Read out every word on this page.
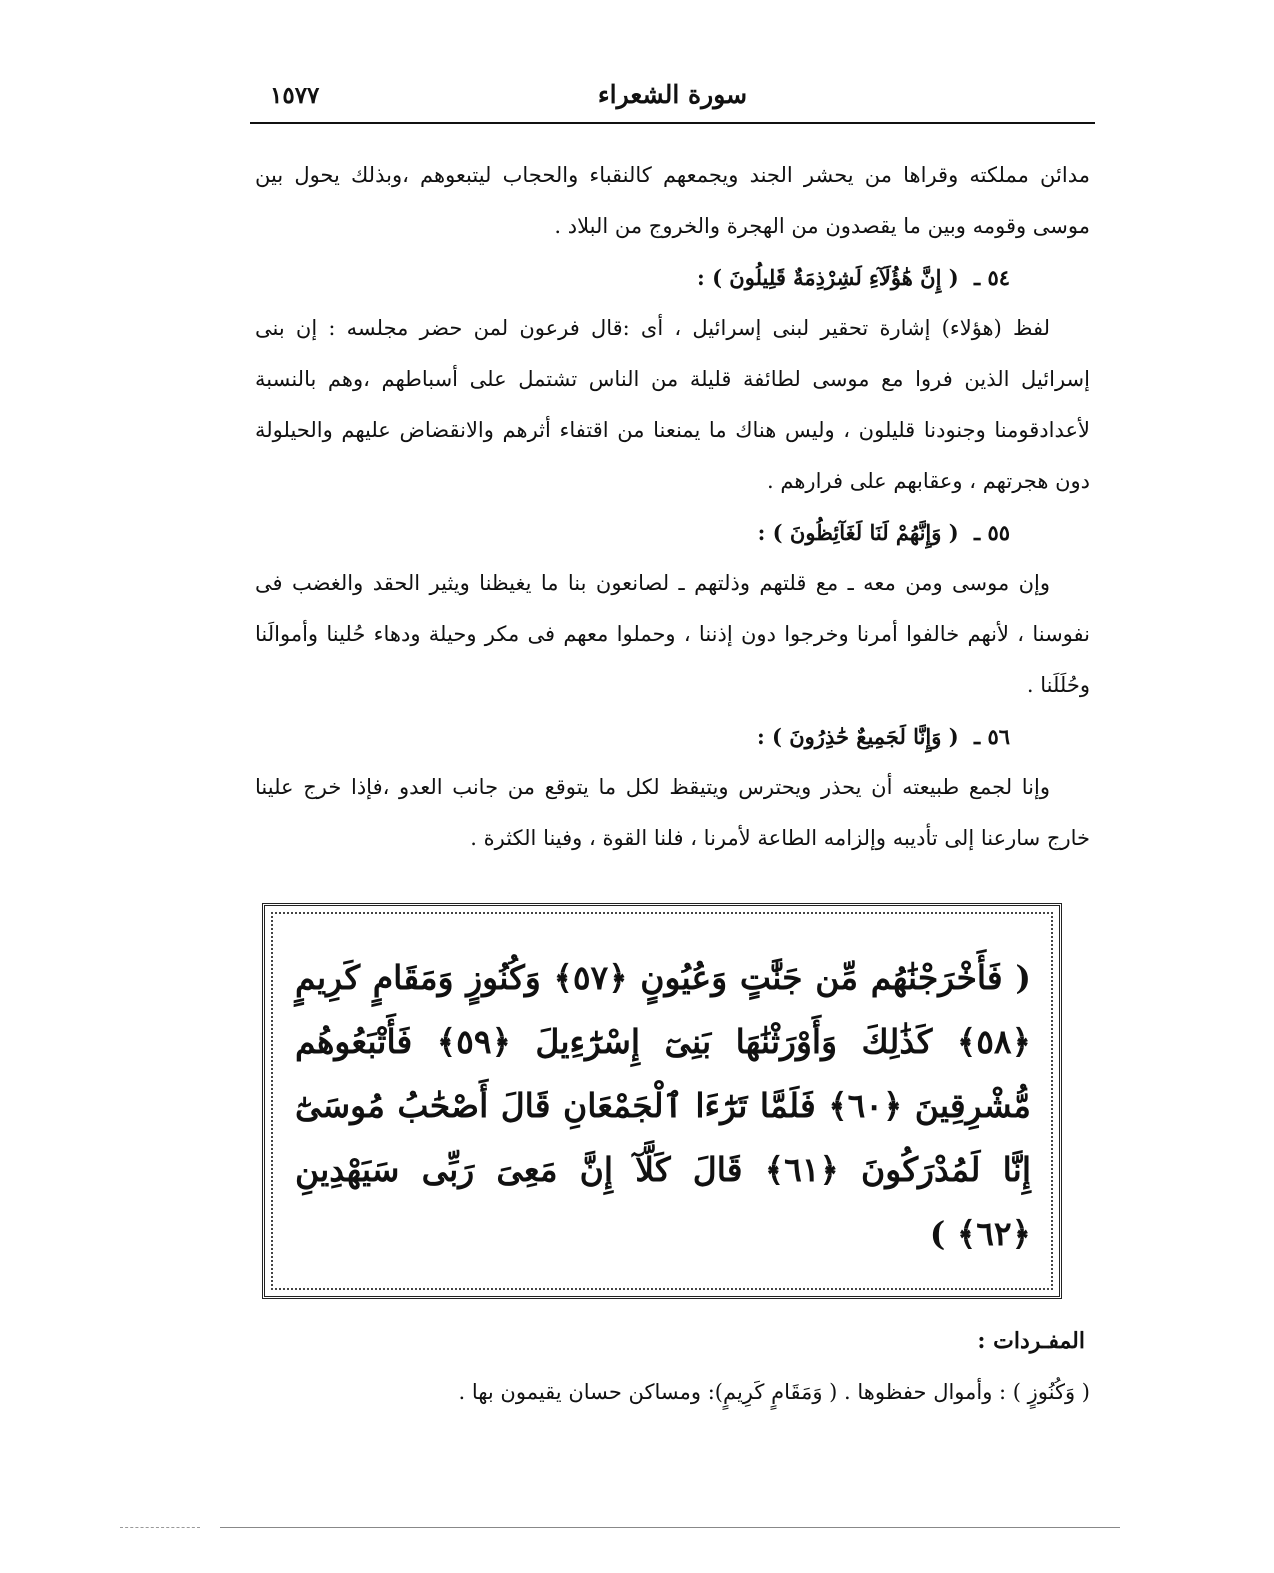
سورة الشعراء
١٥٧٧

مدائن مملكته وقراها من يحشر الجند ويجمعهم كالنقباء والحجاب ليتبعوهم ،وبذلك يحول بين موسى وقومه وبين ما يقصدون من الهجرة والخروج من البلاد .

٥٤ ـ ( إِنَّ هَٰؤُلَآءِ لَشِرْذِمَةٌ قَلِيلُونَ ) :

لفظ (هؤلاء) إشارة تحقير لبنى إسرائيل ، أى :قال فرعون لمن حضر مجلسه : إن بنى إسرائيل الذين فروا مع موسى لطائفة قليلة من الناس تشتمل على أسباطهم ،وهم بالنسبة لأعدادقومنا وجنودنا قليلون ، وليس هناك ما يمنعنا من اقتفاء أثرهم والانقضاض عليهم والحيلولة دون هجرتهم ، وعقابهم على فرارهم .

٥٥ ـ ( وَإِنَّهُمْ لَنَا لَغَآئِظُونَ ) :

وإن موسى ومن معه ـ مع قلتهم وذلتهم ـ لصانعون بنا ما يغيظنا ويثير الحقد والغضب فى نفوسنا ، لأنهم خالفوا أمرنا وخرجوا دون إذننا ، وحملوا معهم فى مكر وحيلة ودهاء حُلينا وأموالَنا وحُلَلَنا .

٥٦ ـ ( وَإِنَّا لَجَمِيعٌ حَٰذِرُونَ ) :

وإنا لجمع طبيعته أن يحذر ويحترس ويتيقظ لكل ما يتوقع من جانب العدو ،فإذا خرج علينا خارج سارعنا إلى تأديبه وإلزامه الطاعة لأمرنا ، فلنا القوة ، وفينا الكثرة .

( فَأَخْرَجْنَٰهُم مِّن جَنَّٰتٍ وَعُيُونٍ ﴿٥٧﴾ وَكُنُوزٍ وَمَقَامٍ كَرِيمٍ ﴿٥٨﴾ كَذَٰلِكَ وَأَوْرَثْنَٰهَا بَنِىٓ إِسْرَٰٓءِيلَ ﴿٥٩﴾ فَأَتْبَعُوهُم مُّشْرِقِينَ ﴿٦٠﴾ فَلَمَّا تَرَٰٓءَا ٱلْجَمْعَانِ قَالَ أَصْحَٰبُ مُوسَىٰٓ إِنَّا لَمُدْرَكُونَ ﴿٦١﴾ قَالَ كَلَّآ إِنَّ مَعِىَ رَبِّى سَيَهْدِينِ ﴿٦٢﴾ )
المفـردات :
( وَكُنُوزٍ ) : وأموال حفظوها . ( وَمَقَامٍ كَرِيمٍ): ومساكن حسان يقيمون بها .
